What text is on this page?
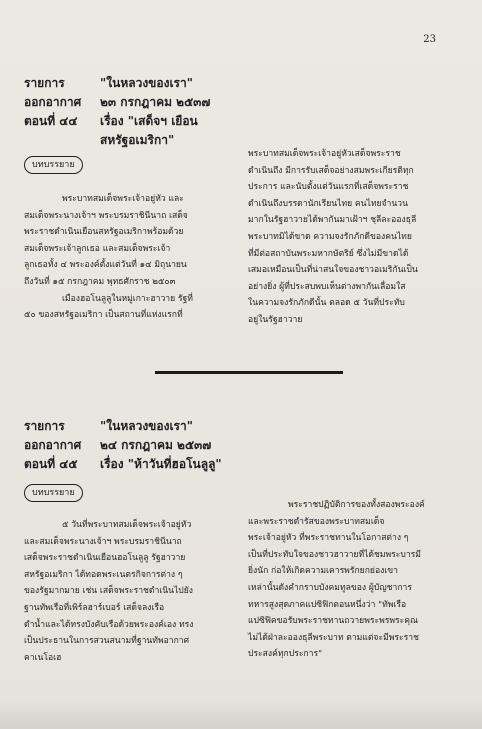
23
รายการ	"ในหลวงของเรา"
ออกอากาศ ๒๓ กรกฎาคม ๒๕๓๗
ตอนที่ ๔๔ เรื่อง "เสด็จฯ เยือน
สหรัฐอเมริกา"
บทบรรยาย
พระบาทสมเด็จพระเจ้าอยู่หัว และ
สมเด็จพระนางเจ้าฯ พระบรมราชินีนาถ เสด็จ
พระราชดำเนินเยือนสหรัฐอเมริกาพร้อมด้วย
สมเด็จพระเจ้าลูกเธอ และสมเด็จพระเจ้า
ลูกเธอทั้ง ๔ พระองค์ตั้งแต่วันที่ ๑๔ มิถุนายน
ถึงวันที่ ๑๕ กรกฎาคม พุทธศักราช ๒๕๐๓
เมืองฮอโนลูลูในหมู่เกาะฮาวาย รัฐที่
๕๐ ของสหรัฐอเมริกา เป็นสถานที่แห่งแรกที่
พระบาทสมเด็จพระเจ้าอยู่หัวเสด็จพระราช
ดำเนินถึง มีการรับเสด็จอย่างสมพระเกียรติทุก
ประการ และนับตั้งแต่วันแรกที่เสด็จพระราช
ดำเนินถึงบรรดานักเรียนไทย คนไทยจำนวน
มากในรัฐฮาวายได้พากันมาเฝ้าฯ ชุลีละอองธุลี
พระบาทมิได้ขาด ความจงรักภักดีของคนไทย
ที่มีต่อสถาบันพระมหากษัตริย์ ซึ่งไม่มีขาดได้
เสมอเหมือนเป็นที่น่าสนใจของชาวอเมริกันเป็น
อย่างยิ่ง ผู้ที่ประสบพบเห็นต่างพากันเลื่อมใส
ในความจงรักภักดีนั้น ตลอด ๕ วันที่ประทับ
อยู่ในรัฐฮาวาย
รายการ	"ในหลวงของเรา"
ออกอากาศ ๒๔ กรกฎาคม ๒๕๓๗
ตอนที่ ๔๕ เรื่อง "ห้าวันที่ฮอโนลูลู"
บทบรรยาย
๕ วันที่พระบาทสมเด็จพระเจ้าอยู่หัว
และสมเด็จพระนางเจ้าฯ พระบรมราชินีนาถ
เสด็จพระราชดำเนินเยือนฮอโนลูลู รัฐฮาวาย
สหรัฐอเมริกา ได้ทอดพระเนตรกิจการต่าง ๆ
ของรัฐมากมาย เช่น เสด็จพระราชดำเนินไปยัง
ฐานทัพเรือที่เพิร์ลฮาร์เบอร์ เสด็จลงเรือ
ดำน้ำและได้ทรงบังคับเรือด้วยพระองค์เอง ทรง
เป็นประธานในการสวนสนามที่ฐานทัพอากาศ
คาเนโอเฮ
พระราชปฏิบัติการของทั้งสองพระองค์
และพระราชดำรัสของพระบาทสมเด็จ
พระเจ้าอยู่หัว ที่พระราชทานในโอกาสต่าง ๆ
เป็นที่ประทับใจของชาวฮาวายที่ได้ชมพระบารมี
ยิ่งนัก ก่อให้เกิดความเคารพรักยกย่องเขา
เหล่านั้นดังคำกราบบังคมทูลของ ผู้บัญชาการ
ทหารสูงสุดภาคแปซิฟิกตอนหนึ่งว่า "ทัพเรือ
แปซิฟิคขอรับพระราชทานถวายพระพรพระคุณ
ไม่ได้ฝ่าละอองธุลีพระบาท ตามแต่จะมีพระราช
ประสงค์ทุกประการ"
